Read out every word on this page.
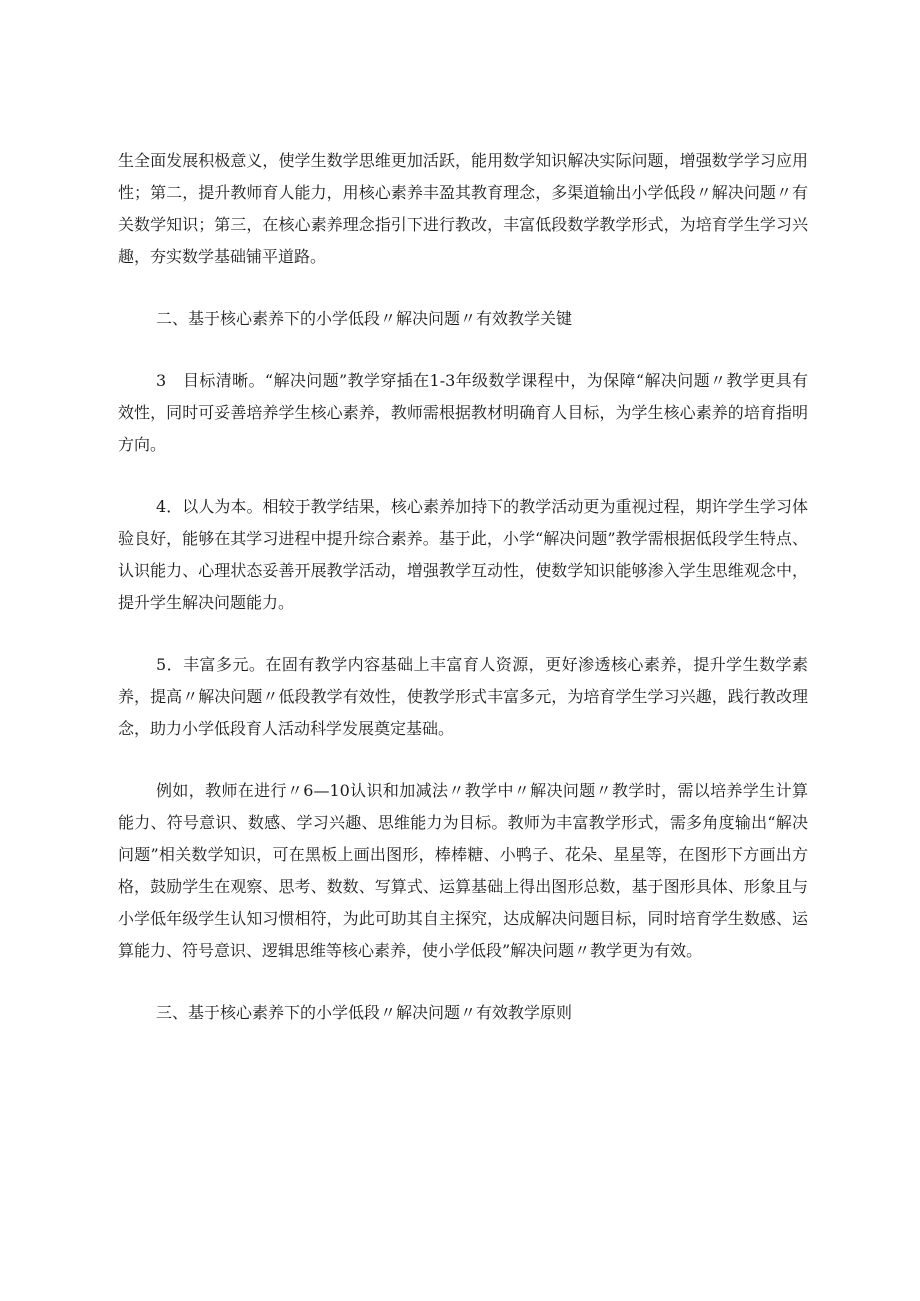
生全面发展积极意义，使学生数学思维更加活跃，能用数学知识解决实际问题，增强数学学习应用性；第二，提升教师育人能力，用核心素养丰盈其教育理念，多渠道输出小学低段〃解决问题〃有关数学知识；第三，在核心素养理念指引下进行教改，丰富低段数学教学形式，为培育学生学习兴趣，夯实数学基础铺平道路。

二、基于核心素养下的小学低段〃解决问题〃有效教学关键

3　目标清晰。“解决问题”教学穿插在1-3年级数学课程中，为保障“解决问题〃教学更具有效性，同时可妥善培养学生核心素养，教师需根据教材明确育人目标，为学生核心素养的培育指明方向。

4．以人为本。相较于教学结果，核心素养加持下的教学活动更为重视过程，期许学生学习体验良好，能够在其学习进程中提升综合素养。基于此，小学“解决问题”教学需根据低段学生特点、认识能力、心理状态妥善开展教学活动，增强教学互动性，使数学知识能够渗入学生思维观念中，提升学生解决问题能力。

5．丰富多元。在固有教学内容基础上丰富育人资源，更好渗透核心素养，提升学生数学素养，提高〃解决问题〃低段教学有效性，使教学形式丰富多元，为培育学生学习兴趣，践行教改理念，助力小学低段育人活动科学发展奠定基础。

例如，教师在进行〃6—10认识和加减法〃教学中〃解决问题〃教学时，需以培养学生计算能力、符号意识、数感、学习兴趣、思维能力为目标。教师为丰富教学形式，需多角度输出“解决问题”相关数学知识，可在黑板上画出图形，棒棒糖、小鸭子、花朵、星星等，在图形下方画出方格，鼓励学生在观察、思考、数数、写算式、运算基础上得出图形总数，基于图形具体、形象且与小学低年级学生认知习惯相符，为此可助其自主探究，达成解决问题目标，同时培育学生数感、运算能力、符号意识、逻辑思维等核心素养，使小学低段”解决问题〃教学更为有效。

三、基于核心素养下的小学低段〃解决问题〃有效教学原则
